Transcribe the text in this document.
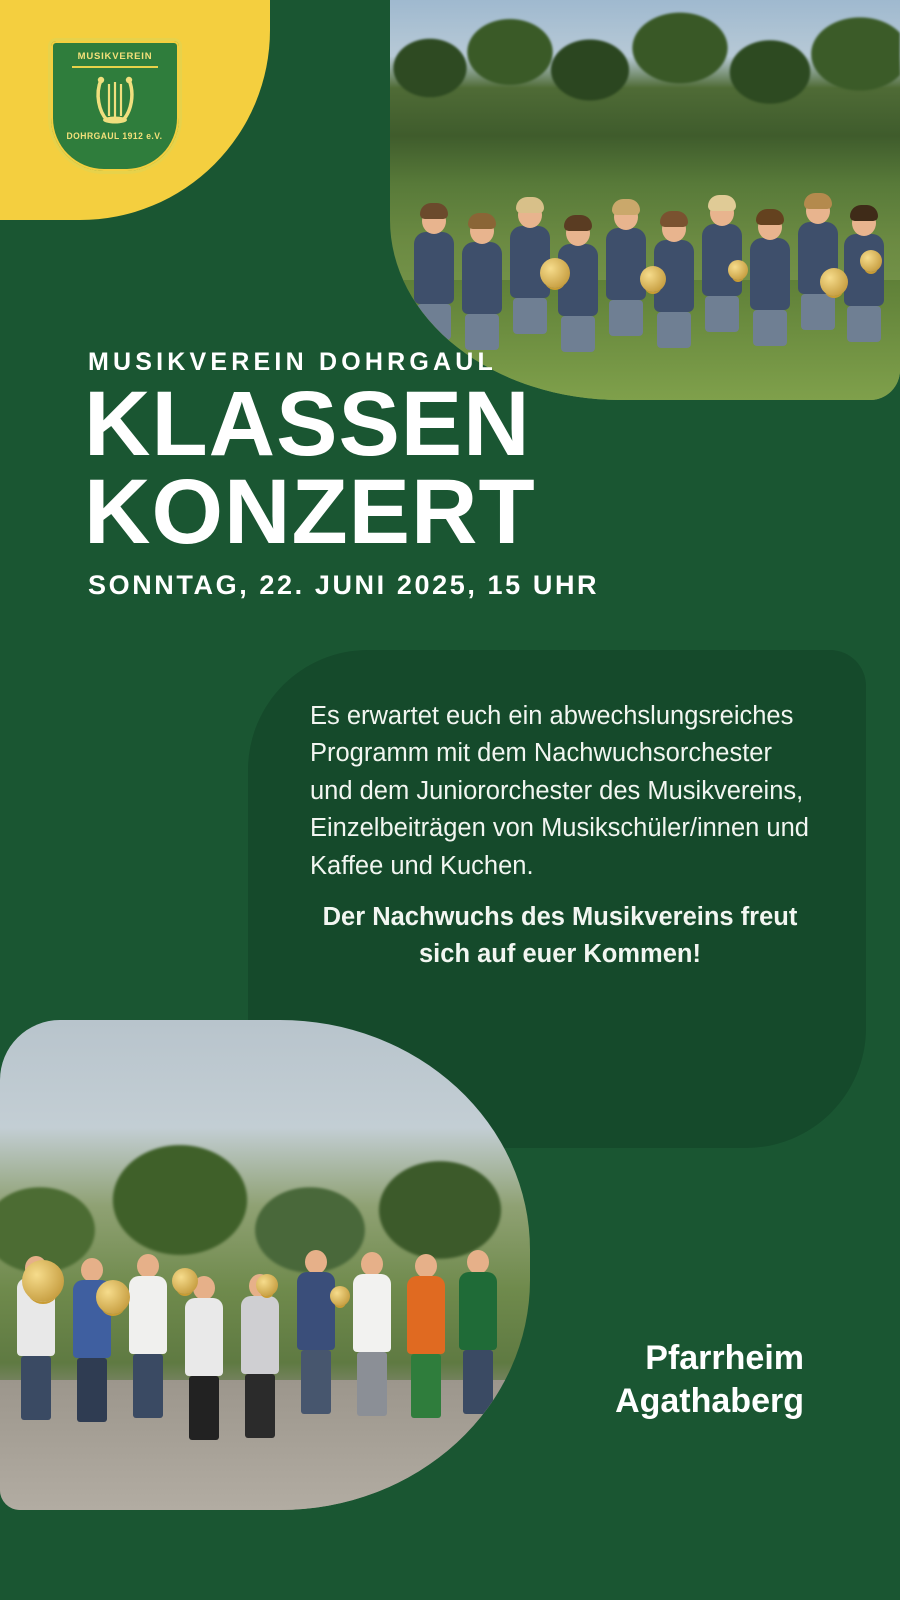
MUSIKVEREIN
DOHRGAUL 1912 e.V.
MUSIKVEREIN DOHRGAUL
KLASSEN
KONZERT
SONNTAG, 22. JUNI 2025, 15 UHR
Es erwartet euch ein abwechslungsreiches Programm mit dem Nachwuchsorchester und dem Juniororchester des Musikvereins, Einzelbeiträgen von Musikschüler/innen und Kaffee und Kuchen.
Der Nachwuchs des Musikvereins freut sich auf euer Kommen!
Pfarrheim
Agathaberg
